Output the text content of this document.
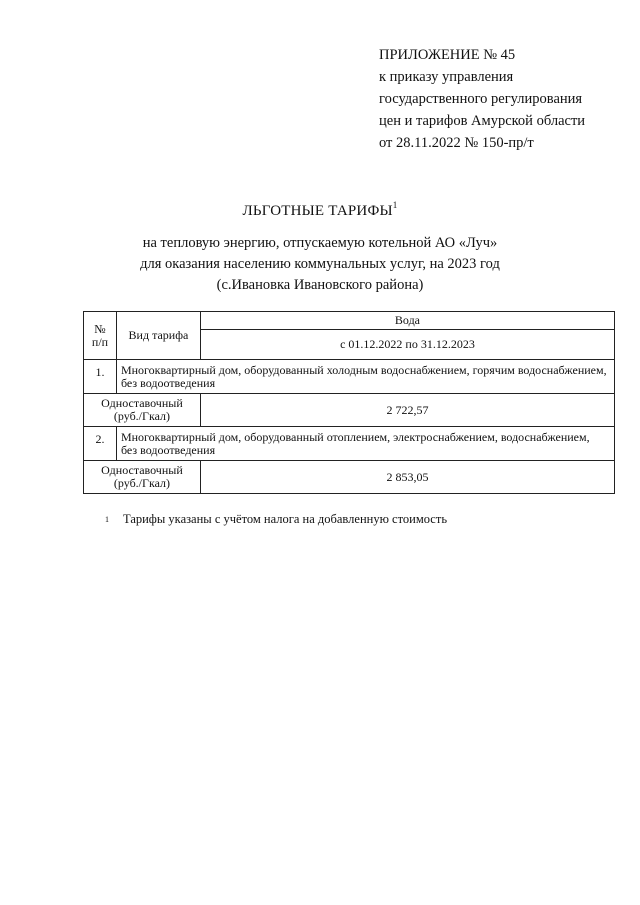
ПРИЛОЖЕНИЕ № 45
к приказу управления
государственного регулирования
цен и тарифов Амурской области
от 28.11.2022 № 150-пр/т
ЛЬГОТНЫЕ ТАРИФЫ$^1$
на тепловую энергию, отпускаемую котельной АО «Луч»
для оказания населению коммунальных услуг, на 2023 год
(с.Ивановка Ивановского района)
№
п/п	Вид тарифа	Вода
		с 01.12.2022 по 31.12.2023
1.	Многоквартирный дом, оборудованный холодным водоснабжением, горячим водоснабжением, без водоотведения	
Одноставочный
(руб./Гкал)		2 722,57
2.	Многоквартирный дом, оборудованный отоплением, электроснабжением, водоснабжением, без водоотведения	
Одноставочный
(руб./Гкал)		2 853,05
1 Тарифы указаны с учётом налога на добавленную стоимость
